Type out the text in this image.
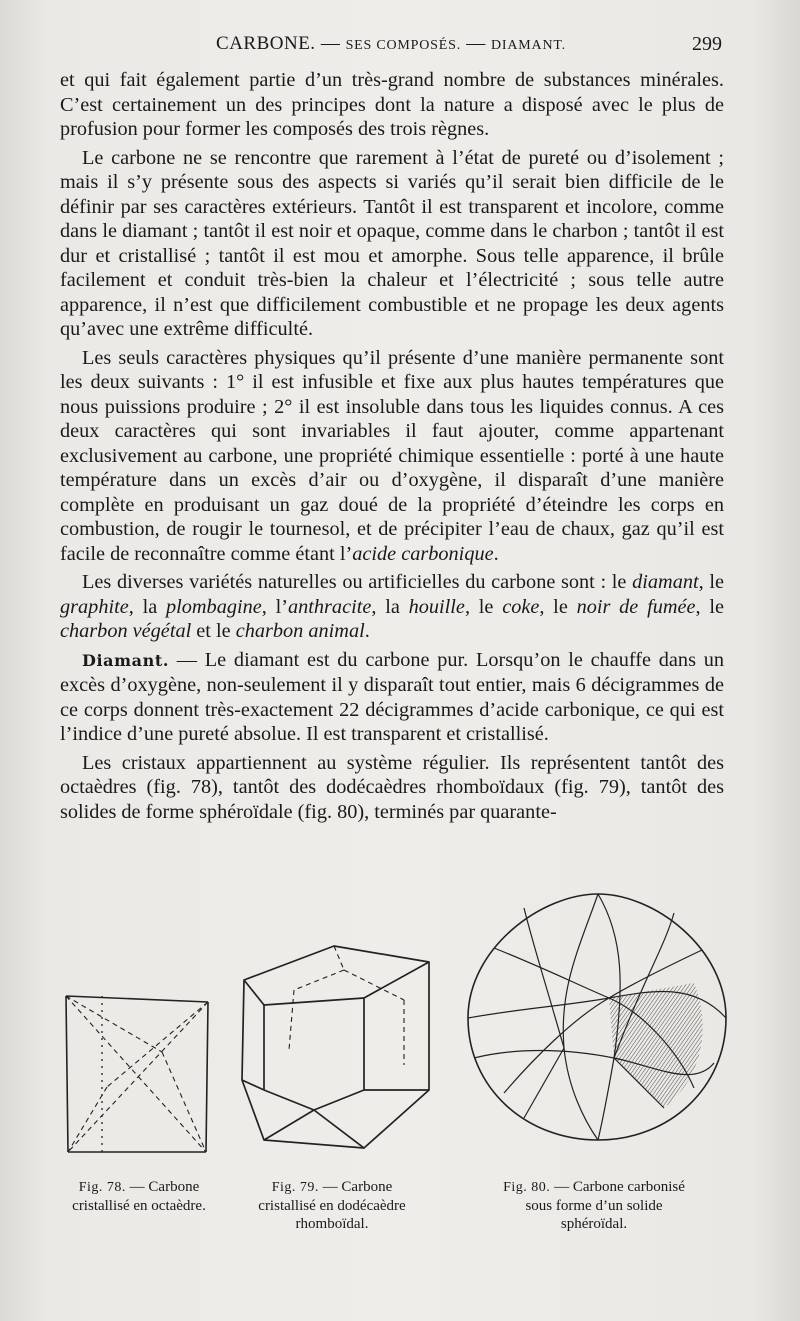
CARBONE. — SES COMPOSÉS. — DIAMANT.	299

et qui fait également partie d’un très-grand nombre de substances minérales. C’est certainement un des principes dont la nature a disposé avec le plus de profusion pour former les composés des trois règnes.

Le carbone ne se rencontre que rarement à l’état de pureté ou d’isolement ; mais il s’y présente sous des aspects si variés qu’il serait bien difficile de le définir par ses caractères extérieurs. Tantôt il est transparent et incolore, comme dans le diamant ; tantôt il est noir et opaque, comme dans le charbon ; tantôt il est dur et cristallisé ; tantôt il est mou et amorphe. Sous telle apparence, il brûle facilement et conduit très-bien la chaleur et l’électricité ; sous telle autre apparence, il n’est que difficilement combustible et ne propage les deux agents qu’avec une extrême difficulté.

Les seuls caractères physiques qu’il présente d’une manière permanente sont les deux suivants : 1° il est infusible et fixe aux plus hautes températures que nous puissions produire ; 2° il est insoluble dans tous les liquides connus. A ces deux caractères qui sont invariables il faut ajouter, comme appartenant exclusivement au carbone, une propriété chimique essentielle : porté à une haute température dans un excès d’air ou d’oxygène, il disparaît d’une manière complète en produisant un gaz doué de la propriété d’éteindre les corps en combustion, de rougir le tournesol, et de précipiter l’eau de chaux, gaz qu’il est facile de reconnaître comme étant l’acide carbonique.

Les diverses variétés naturelles ou artificielles du carbone sont : le diamant, le graphite, la plombagine, l’anthracite, la houille, le coke, le noir de fumée, le charbon végétal et le charbon animal.

Diamant. — Le diamant est du carbone pur. Lorsqu’on le chauffe dans un excès d’oxygène, non-seulement il y disparaît tout entier, mais 6 décigrammes de ce corps donnent très-exactement 22 décigrammes d’acide carbonique, ce qui est l’indice d’une pureté absolue. Il est transparent et cristallisé.

Les cristaux appartiennent au système régulier. Ils représentent tantôt des octaèdres (fig. 78), tantôt des dodécaèdres rhomboïdaux (fig. 79), tantôt des solides de forme sphéroïdale (fig. 80), terminés par quarante-

Fig. 78. — Carbone cristallisé en octaèdre.
Fig. 79. — Carbone cristallisé en dodécaèdre rhomboïdal.
Fig. 80. — Carbone carbonisé sous forme d’un solide sphéroïdal.
